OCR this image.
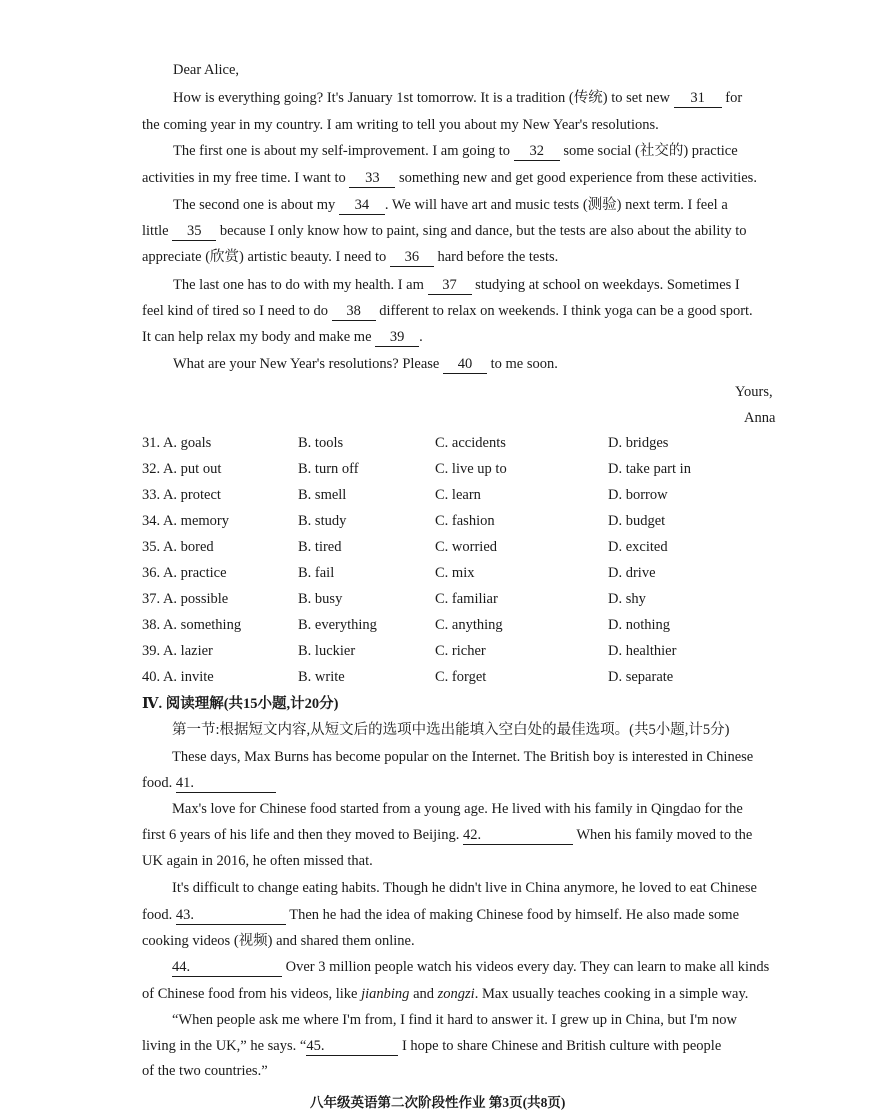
Dear Alice,
How is everything going? It's January 1st tomorrow. It is a tradition (传统) to set new 31 for
the coming year in my country. I am writing to tell you about my New Year's resolutions.
The first one is about my self-improvement. I am going to 32 some social (社交的) practice
activities in my free time. I want to 33 something new and get good experience from these activities.
The second one is about my 34 . We will have art and music tests (测验) next term. I feel a
little 35 because I only know how to paint, sing and dance, but the tests are also about the ability to
appreciate (欣赏) artistic beauty. I need to 36 hard before the tests.
The last one has to do with my health. I am 37 studying at school on weekdays. Sometimes I
feel kind of tired so I need to do 38 different to relax on weekends. I think yoga can be a good sport.
It can help relax my body and make me 39 .
What are your New Year's resolutions? Please 40 to me soon.
Yours,
Anna
31. A. goals	B. tools	C. accidents	D. bridges
32. A. put out	B. turn off	C. live up to	D. take part in
33. A. protect	B. smell	C. learn	D. borrow
34. A. memory	B. study	C. fashion	D. budget
35. A. bored	B. tired	C. worried	D. excited
36. A. practice	B. fail	C. mix	D. drive
37. A. possible	B. busy	C. familiar	D. shy
38. A. something	B. everything	C. anything	D. nothing
39. A. lazier	B. luckier	C. richer	D. healthier
40. A. invite	B. write	C. forget	D. separate
Ⅳ. 阅读理解(共15小题,计20分)
第一节:根据短文内容,从短文后的选项中选出能填入空白处的最佳选项。(共5小题,计5分)
These days, Max Burns has become popular on the Internet. The British boy is interested in Chinese
food. 41.
Max's love for Chinese food started from a young age. He lived with his family in Qingdao for the
first 6 years of his life and then they moved to Beijing. 42.	When his family moved to the
UK again in 2016, he often missed that.
It's difficult to change eating habits. Though he didn't live in China anymore, he loved to eat Chinese
food. 43.	Then he had the idea of making Chinese food by himself. He also made some
cooking videos (视频) and shared them online.
44.	Over 3 million people watch his videos every day. They can learn to make all kinds
of Chinese food from his videos, like jianbing and zongzi. Max usually teaches cooking in a simple way.
“When people ask me where I'm from, I find it hard to answer it. I grew up in China, but I'm now
living in the UK,” he says. “45.	I hope to share Chinese and British culture with people
of the two countries.”
八年级英语第二次阶段性作业 第3页(共8页)
